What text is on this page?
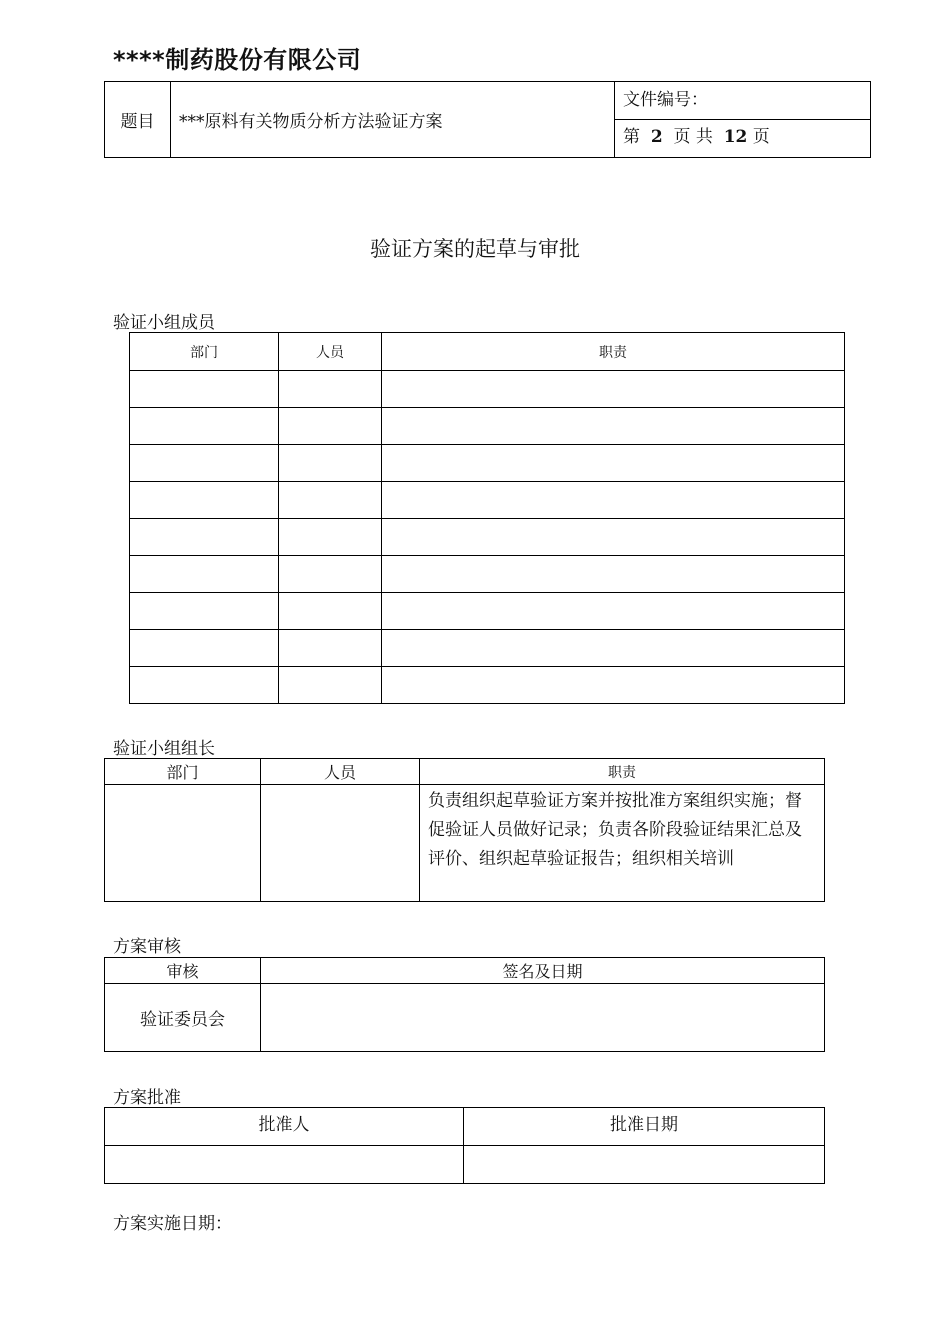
****制药股份有限公司
题目	***原料有关物质分析方法验证方案	文件编号：
第 2 页 共 12 页
验证方案的起草与审批
验证小组成员
部门	人员	职责

验证小组组长
部门	人员	职责
		负责组织起草验证方案并按批准方案组织实施；督促验证人员做好记录；负责各阶段验证结果汇总及评价、组织起草验证报告；组织相关培训
方案审核
审核	签名及日期
验证委员会	
方案批准
批准人	批准日期

方案实施日期：
